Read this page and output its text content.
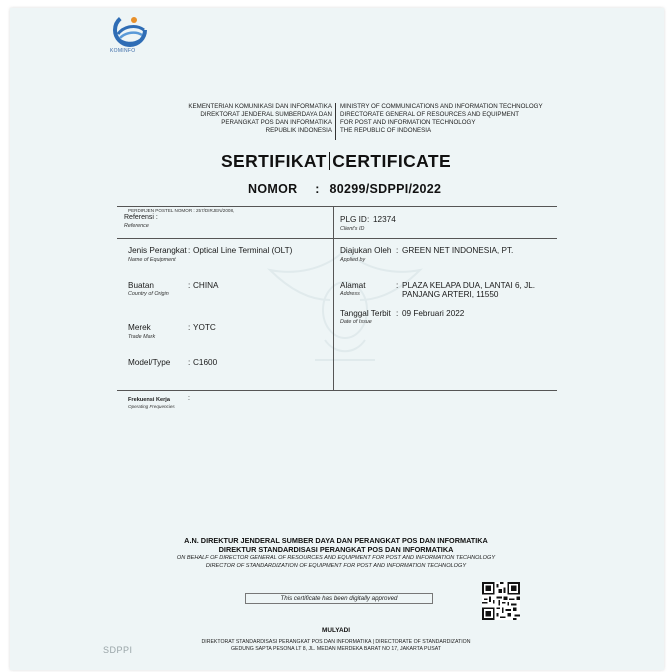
KOMINFO
KEMENTERIAN KOMUNIKASI DAN INFORMATIKA
DIREKTORAT JENDERAL SUMBERDAYA DAN
PERANGKAT POS DAN INFORMATIKA
REPUBLIK INDONESIA
MINISTRY OF COMMUNICATIONS AND INFORMATION TECHNOLOGY
DIRECTORATE GENERAL OF RESOURCES AND EQUIPMENT
FOR POST AND INFORMATION TECHNOLOGY
THE REPUBLIC OF INDONESIA
SERTIFIKAT CERTIFICATE
NOMOR : 80299/SDPPI/2022
PERDIRJEN POSTEL NOMOR : 257/DIRJEN/2008,
Referensi :
Reference
PLG ID : 12374
Client's ID
Jenis Perangkat : Optical Line Terminal (OLT)
Name of Equipment
Diajukan Oleh : GREEN NET INDONESIA, PT.
Applied by
Buatan	: CHINA
Country of Origin
Alamat	: PLAZA KELAPA DUA, LANTAI 6, JL.
PANJANG ARTERI, 11550
Address
Tanggal Terbit : 09 Februari 2022
Date of Issue
Merek	: YOTC
Trade Mark
Model/Type : C1600
Frekuensi Kerja	:
Operating Frequencies
A.N. DIREKTUR JENDERAL SUMBER DAYA DAN PERANGKAT POS DAN INFORMATIKA
DIREKTUR STANDARDISASI PERANGKAT POS DAN INFORMATIKA
ON BEHALF OF DIRECTOR GENERAL OF RESOURCES AND EQUIPMENT FOR POST AND INFORMATION TECHNOLOGY
DIRECTOR OF STANDARDIZATION OF EQUIPMENT FOR POST AND INFORMATION TECHNOLOGY
This certificate has been digitally approved
MULYADI
DIREKTORAT STANDARDISASI PERANGKAT POS DAN INFORMATIKA | DIRECTORATE OF STANDARDIZATION
GEDUNG SAPTA PESONA LT 8, JL. MEDAN MERDEKA BARAT NO 17, JAKARTA PUSAT
SDPPI
